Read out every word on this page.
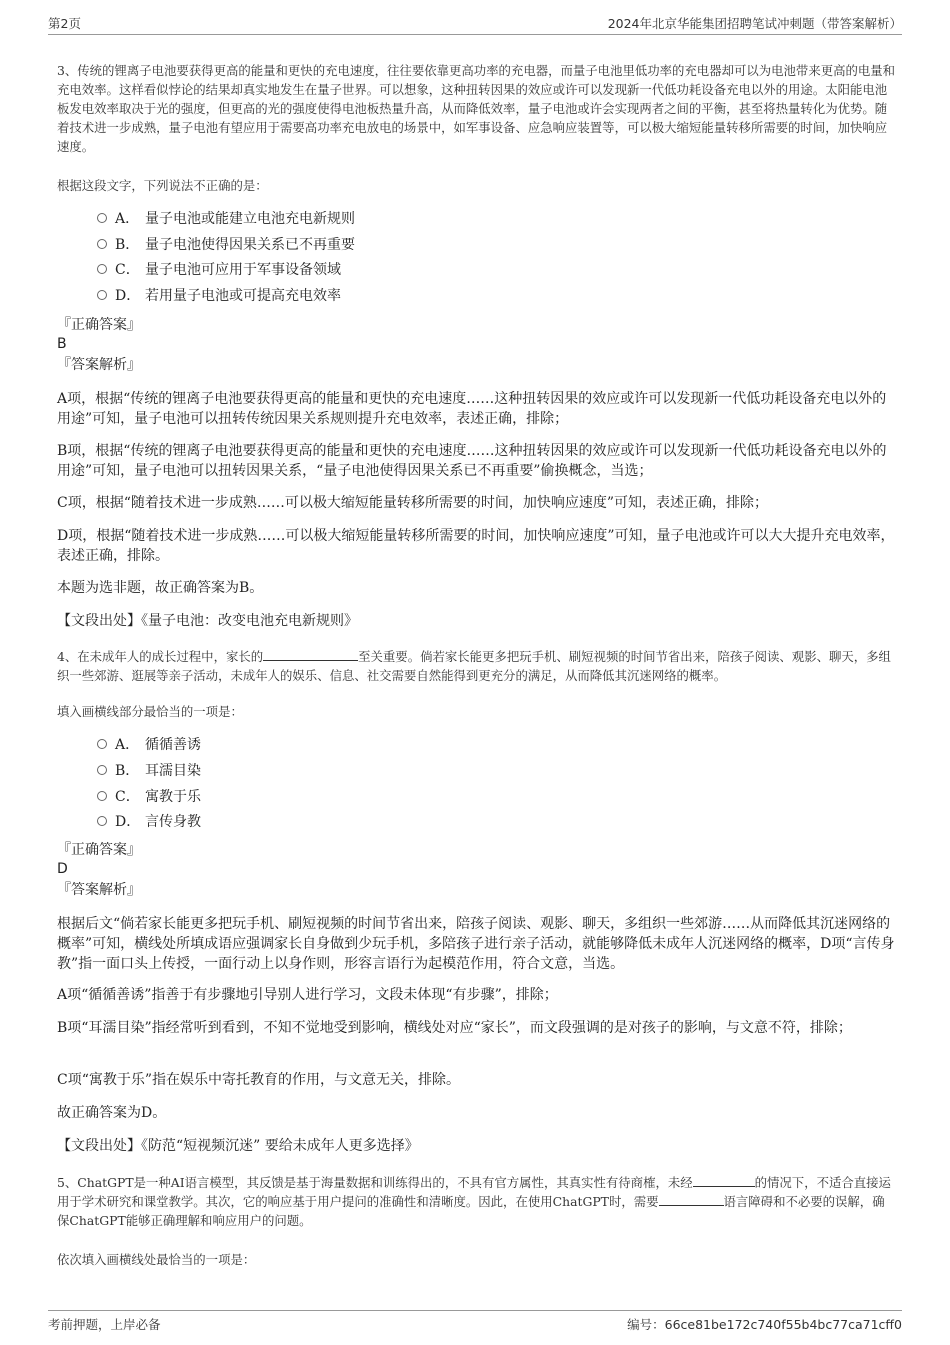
第2页	2024年北京华能集团招聘笔试冲刺题（带答案解析）

3、传统的锂离子电池要获得更高的能量和更快的充电速度，往往要依靠更高功率的充电器，而量子电池里低功率的充电器却可以为电池带来更高的电量和充电效率。这样看似悖论的结果却真实地发生在量子世界。可以想象，这种扭转因果的效应或许可以发现新一代低功耗设备充电以外的用途。太阳能电池板发电效率取决于光的强度，但更高的光的强度使得电池板热量升高，从而降低效率，量子电池或许会实现两者之间的平衡，甚至将热量转化为优势。随着技术进一步成熟，量子电池有望应用于需要高功率充电放电的场景中，如军事设备、应急响应装置等，可以极大缩短能量转移所需要的时间，加快响应速度。

根据这段文字，下列说法不正确的是：

A． 量子电池或能建立电池充电新规则
B． 量子电池使得因果关系已不再重要
C． 量子电池可应用于军事设备领域
D． 若用量子电池或可提高充电效率
『正确答案』
B
『答案解析』

A项，根据“传统的锂离子电池要获得更高的能量和更快的充电速度……这种扭转因果的效应或许可以发现新一代低功耗设备充电以外的用途”可知，量子电池可以扭转传统因果关系规则提升充电效率，表述正确，排除；

B项，根据“传统的锂离子电池要获得更高的能量和更快的充电速度……这种扭转因果的效应或许可以发现新一代低功耗设备充电以外的用途”可知，量子电池可以扭转因果关系，“量子电池使得因果关系已不再重要”偷换概念，当选；

C项，根据“随着技术进一步成熟……可以极大缩短能量转移所需要的时间，加快响应速度”可知，表述正确，排除；

D项，根据“随着技术进一步成熟……可以极大缩短能量转移所需要的时间，加快响应速度”可知，量子电池或许可以大大提升充电效率，表述正确，排除。

本题为选非题，故正确答案为B。

【文段出处】《量子电池：改变电池充电新规则》

4、在未成年人的成长过程中，家长的	至关重要。倘若家长能更多把玩手机、刷短视频的时间节省出来，陪孩子阅读、观影、聊天，多组织一些郊游、逛展等亲子活动，未成年人的娱乐、信息、社交需要自然能得到更充分的满足，从而降低其沉迷网络的概率。

填入画横线部分最恰当的一项是：

A． 循循善诱
B． 耳濡目染
C． 寓教于乐
D． 言传身教
『正确答案』
D
『答案解析』

根据后文“倘若家长能更多把玩手机、刷短视频的时间节省出来，陪孩子阅读、观影、聊天，多组织一些郊游……从而降低其沉迷网络的概率”可知，横线处所填成语应强调家长自身做到少玩手机，多陪孩子进行亲子活动，就能够降低未成年人沉迷网络的概率，D项“言传身教”指一面口头上传授，一面行动上以身作则，形容言语行为起模范作用，符合文意，当选。

A项“循循善诱”指善于有步骤地引导别人进行学习，文段未体现“有步骤”，排除；

B项“耳濡目染”指经常听到看到，不知不觉地受到影响，横线处对应“家长”，而文段强调的是对孩子的影响，与文意不符，排除；

C项“寓教于乐”指在娱乐中寄托教育的作用，与文意无关，排除。

故正确答案为D。

【文段出处】《防范“短视频沉迷” 要给未成年人更多选择》

5、ChatGPT是一种AI语言模型，其反馈是基于海量数据和训练得出的，不具有官方属性，其真实性有待商榷，未经	的情况下，不适合直接运用于学术研究和课堂教学。其次，它的响应基于用户提问的准确性和清晰度。因此，在使用ChatGPT时，需要	语言障碍和不必要的误解，确保ChatGPT能够正确理解和响应用户的问题。

依次填入画横线处最恰当的一项是：

考前押题，上岸必备	编号：66ce81be172c740f55b4bc77ca71cff0
